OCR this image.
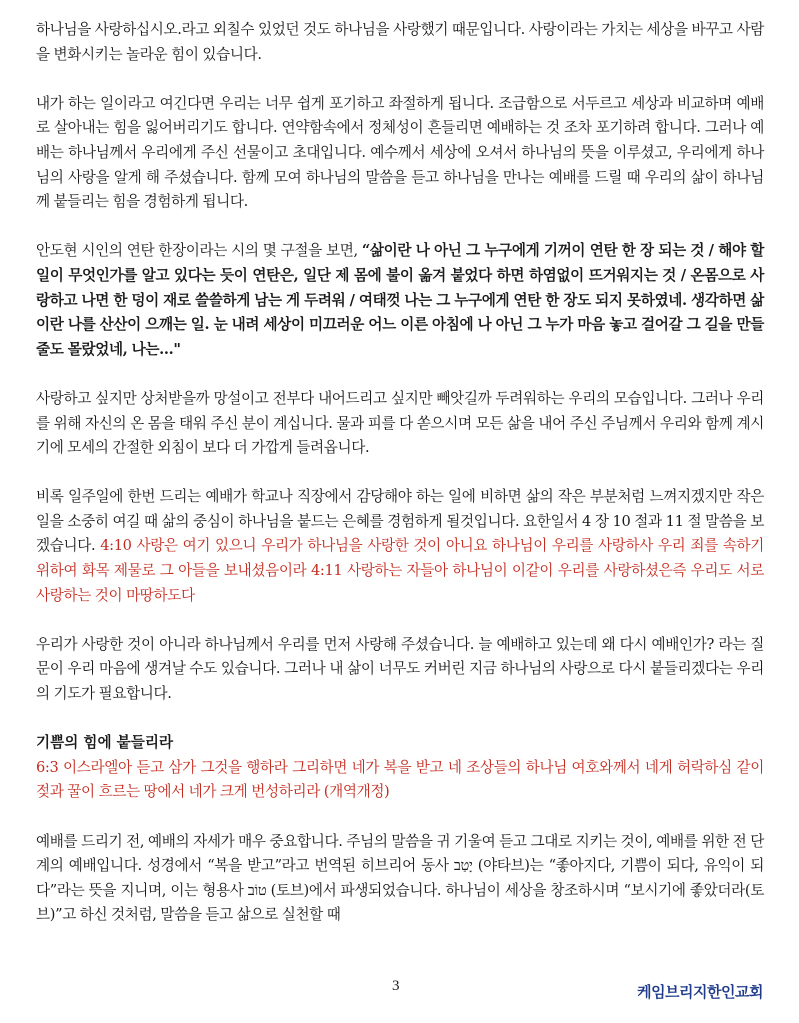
하나님을 사랑하십시오.라고 외칠수 있었던 것도 하나님을 사랑했기 때문입니다. 사랑이라는 가치는 세상을 바꾸고 사람을 변화시키는 놀라운 힘이 있습니다.

내가 하는 일이라고 여긴다면 우리는 너무 쉽게 포기하고 좌절하게 됩니다. 조급함으로 서두르고 세상과 비교하며 예배로 살아내는 힘을 잃어버리기도 합니다. 연약함속에서 정체성이 흔들리면 예배하는 것 조차 포기하려 합니다. 그러나 예배는 하나님께서 우리에게 주신 선물이고 초대입니다. 예수께서 세상에 오셔서 하나님의 뜻을 이루셨고, 우리에게 하나님의 사랑을 알게 해 주셨습니다. 함께 모여 하나님의 말씀을 듣고 하나님을 만나는 예배를 드릴 때 우리의 삶이 하나님께 붙들리는 힘을 경험하게 됩니다.

안도현 시인의 연탄 한장이라는 시의 몇 구절을 보면, “삶이란 나 아닌 그 누구에게 기꺼이 연탄 한 장 되는 것 / 해야 할 일이 무엇인가를 알고 있다는 듯이 연탄은, 일단 제 몸에 불이 옮겨 붙었다 하면 하염없이 뜨거워지는 것 / 온몸으로 사랑하고 나면 한 덩이 재로 쓸쓸하게 남는 게 두려워 / 여태껏 나는 그 누구에게 연탄 한 장도 되지 못하였네. 생각하면 삶이란 나를 산산이 으깨는 일. 눈 내려 세상이 미끄러운 어느 이른 아침에 나 아닌 그 누가 마음 놓고 걸어갈 그 길을 만들 줄도 몰랐었네, 나는..."

사랑하고 싶지만 상처받을까 망설이고 전부다 내어드리고 싶지만 빼앗길까 두려워하는 우리의 모습입니다. 그러나 우리를 위해 자신의 온 몸을 태워 주신 분이 계십니다. 물과 피를 다 쏟으시며 모든 삶을 내어 주신 주님께서 우리와 함께 계시기에 모세의 간절한 외침이 보다 더 가깝게 들려옵니다.

비록 일주일에 한번 드리는 예배가 학교나 직장에서 감당해야 하는 일에 비하면 삶의 작은 부분처럼 느껴지겠지만 작은 일을 소중히 여길 때 삶의 중심이 하나님을 붙드는 은혜를 경험하게 될것입니다. 요한일서 4 장 10 절과 11 절 말씀을 보겠습니다. 4:10 사랑은 여기 있으니 우리가 하나님을 사랑한 것이 아니요 하나님이 우리를 사랑하사 우리 죄를 속하기 위하여 화목 제물로 그 아들을 보내셨음이라 4:11 사랑하는 자들아 하나님이 이같이 우리를 사랑하셨은즉 우리도 서로 사랑하는 것이 마땅하도다

우리가 사랑한 것이 아니라 하나님께서 우리를 먼저 사랑해 주셨습니다. 늘 예배하고 있는데 왜 다시 예배인가? 라는 질문이 우리 마음에 생겨날 수도 있습니다. 그러나 내 삶이 너무도 커버린 지금 하나님의 사랑으로 다시 붙들리겠다는 우리의 기도가 필요합니다.

기쁨의 힘에 붙들리라

6:3 이스라엘아 듣고 삼가 그것을 행하라 그리하면 네가 복을 받고 네 조상들의 하나님 여호와께서 네게 허락하심 같이 젖과 꿀이 흐르는 땅에서 네가 크게 번성하리라 (개역개정)

예배를 드리기 전, 예배의 자세가 매우 중요합니다. 주님의 말씀을 귀 기울여 듣고 그대로 지키는 것이, 예배를 위한 전 단계의 예배입니다. 성경에서 “복을 받고”라고 번역된 히브리어 동사 יָטַב (야타브)는 “좋아지다, 기쁨이 되다, 유익이 되다”라는 뜻을 지니며, 이는 형용사 טוֹב (토브)에서 파생되었습니다. 하나님이 세상을 창조하시며 “보시기에 좋았더라(토브)”고 하신 것처럼, 말씀을 듣고 삶으로 실천할 때

3	케임브리지한인교회
